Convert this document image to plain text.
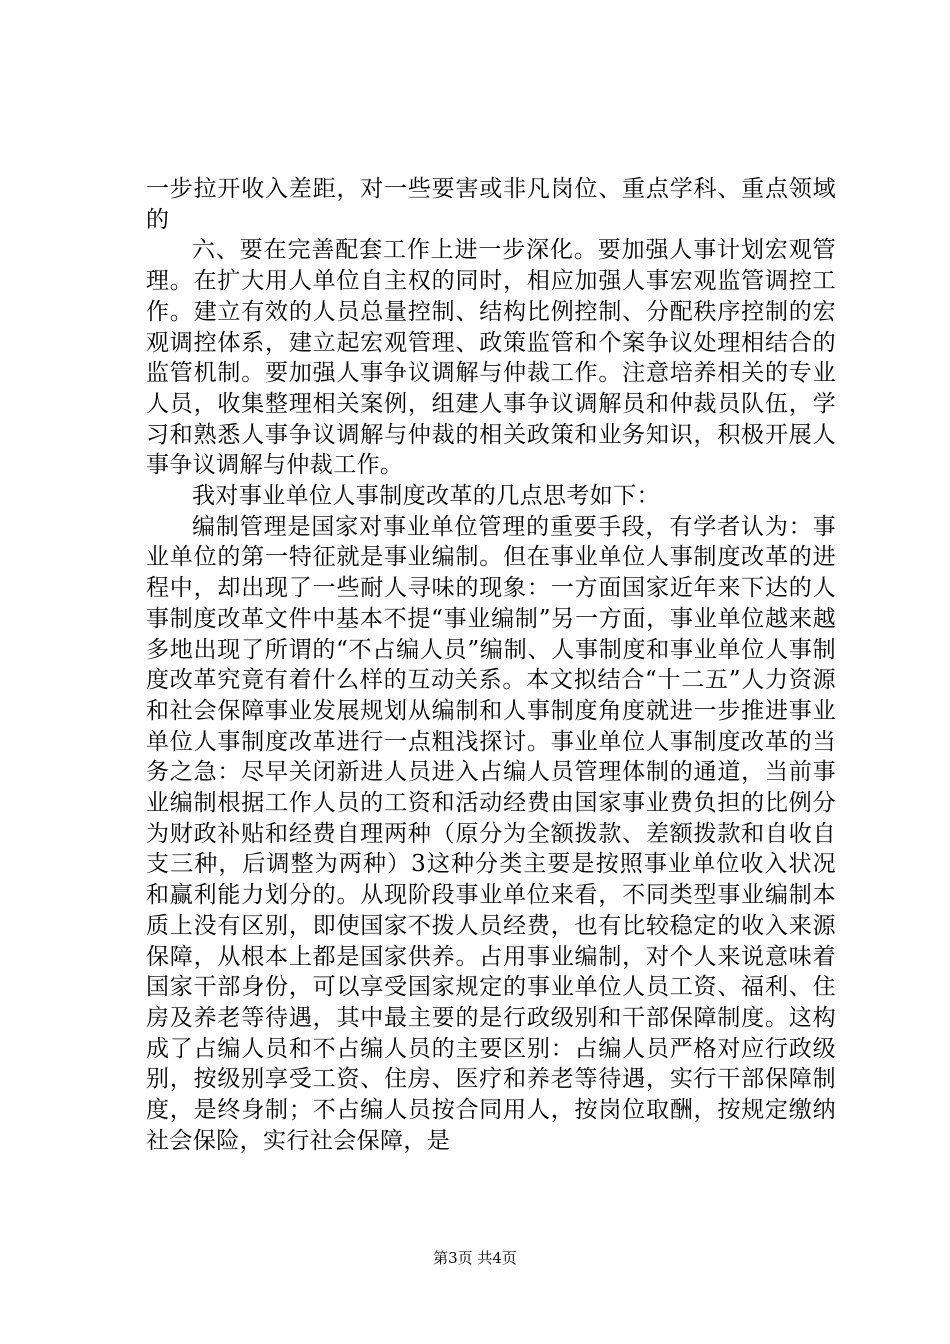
一步拉开收入差距，对一些要害或非凡岗位、重点学科、重点领域的

六、要在完善配套工作上进一步深化。要加强人事计划宏观管理。在扩大用人单位自主权的同时，相应加强人事宏观监管调控工作。建立有效的人员总量控制、结构比例控制、分配秩序控制的宏观调控体系，建立起宏观管理、政策监管和个案争议处理相结合的监管机制。要加强人事争议调解与仲裁工作。注意培养相关的专业人员，收集整理相关案例，组建人事争议调解员和仲裁员队伍，学习和熟悉人事争议调解与仲裁的相关政策和业务知识，积极开展人事争议调解与仲裁工作。

我对事业单位人事制度改革的几点思考如下：

编制管理是国家对事业单位管理的重要手段，有学者认为：事业单位的第一特征就是事业编制。但在事业单位人事制度改革的进程中，却出现了一些耐人寻味的现象：一方面国家近年来下达的人事制度改革文件中基本不提“事业编制”另一方面，事业单位越来越多地出现了所谓的“不占编人员”编制、人事制度和事业单位人事制度改革究竟有着什么样的互动关系。本文拟结合“十二五”人力资源和社会保障事业发展规划从编制和人事制度角度就进一步推进事业单位人事制度改革进行一点粗浅探讨。事业单位人事制度改革的当务之急：尽早关闭新进人员进入占编人员管理体制的通道，当前事业编制根据工作人员的工资和活动经费由国家事业费负担的比例分为财政补贴和经费自理两种（原分为全额拨款、差额拨款和自收自支三种，后调整为两种）3这种分类主要是按照事业单位收入状况和赢利能力划分的。从现阶段事业单位来看，不同类型事业编制本质上没有区别，即使国家不拨人员经费，也有比较稳定的收入来源保障，从根本上都是国家供养。占用事业编制，对个人来说意味着国家干部身份，可以享受国家规定的事业单位人员工资、福利、住房及养老等待遇，其中最主要的是行政级别和干部保障制度。这构成了占编人员和不占编人员的主要区别：占编人员严格对应行政级别，按级别享受工资、住房、医疗和养老等待遇，实行干部保障制度，是终身制；不占编人员按合同用人，按岗位取酬，按规定缴纳社会保险，实行社会保障，是

第3页 共4页
